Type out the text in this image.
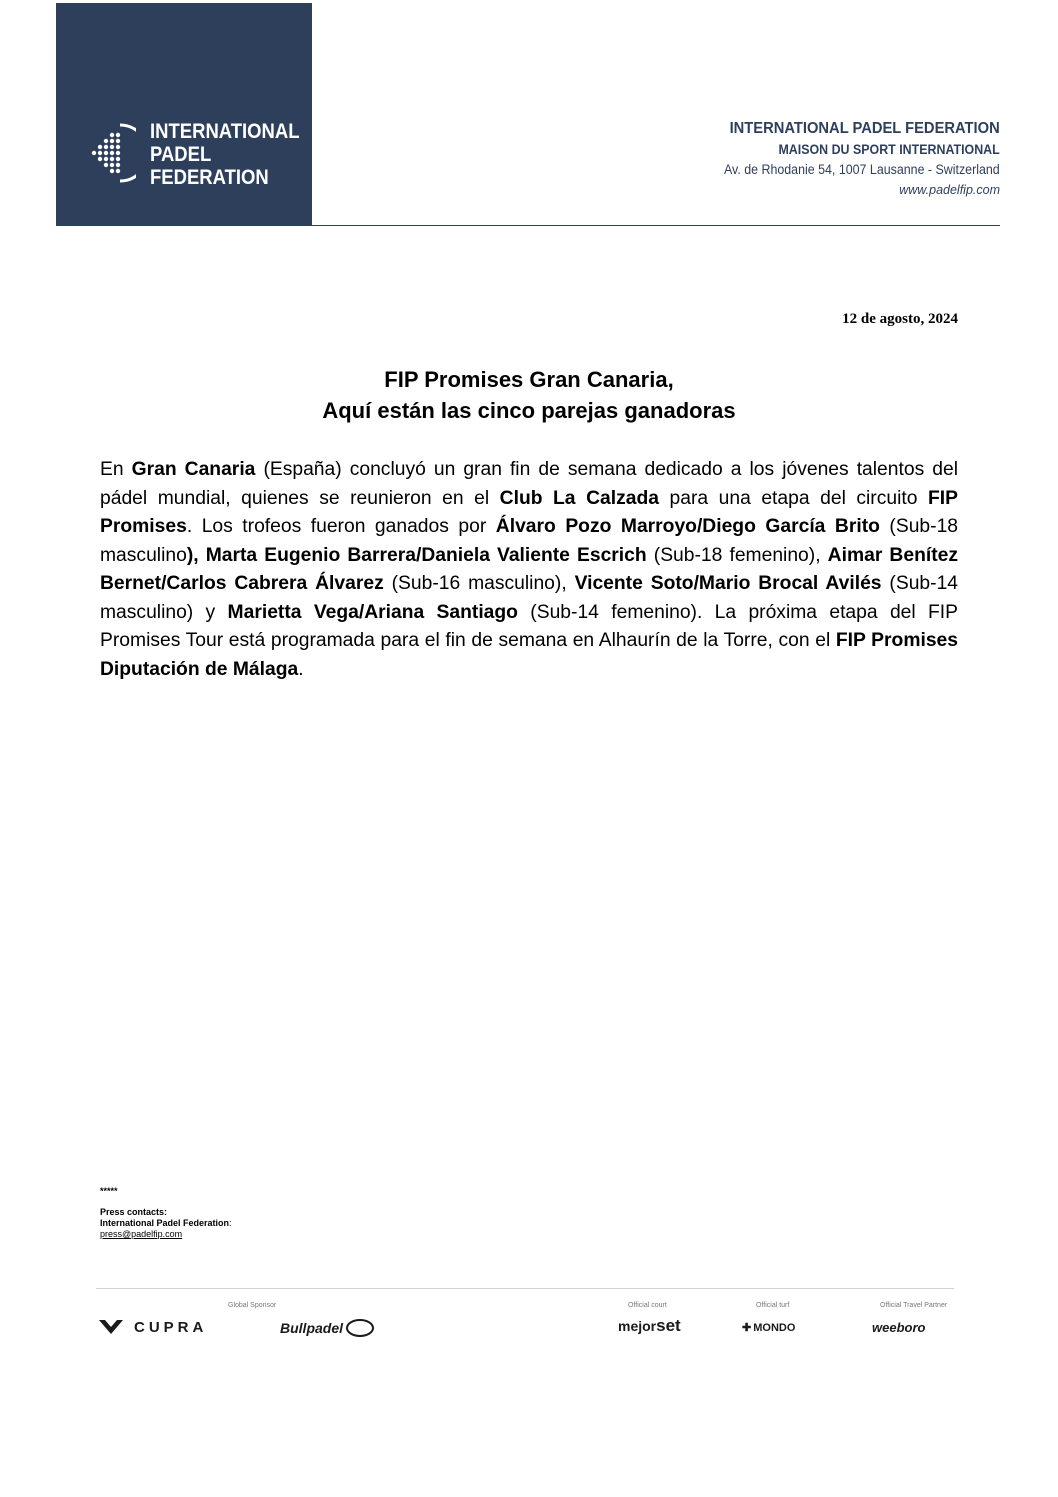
INTERNATIONAL
PADEL
FEDERATION
INTERNATIONAL PADEL FEDERATION
MAISON DU SPORT INTERNATIONAL
Av. de Rhodanie 54, 1007 Lausanne - Switzerland
www.padelfip.com
12 de agosto, 2024
FIP Promises Gran Canaria,
Aquí están las cinco parejas ganadoras
En Gran Canaria (España) concluyó un gran fin de semana dedicado a los jóvenes talentos del pádel mundial, quienes se reunieron en el Club La Calzada para una etapa del circuito FIP Promises. Los trofeos fueron ganados por Álvaro Pozo Marroyo/Diego García Brito (Sub-18 masculino), Marta Eugenio Barrera/Daniela Valiente Escrich (Sub-18 femenino), Aimar Benítez Bernet/Carlos Cabrera Álvarez (Sub-16 masculino), Vicente Soto/Mario Brocal Avilés (Sub-14 masculino) y Marietta Vega/Ariana Santiago (Sub-14 femenino). La próxima etapa del FIP Promises Tour está programada para el fin de semana en Alhaurín de la Torre, con el FIP Promises Diputación de Málaga.
*****
Press contacts:
International Padel Federation:
press@padelfip.com
Global Sponsor	Official court	Official turf	Official Travel Partner
CUPRA	Bullpadel	mejorset	✚ MONDO	weeboro
